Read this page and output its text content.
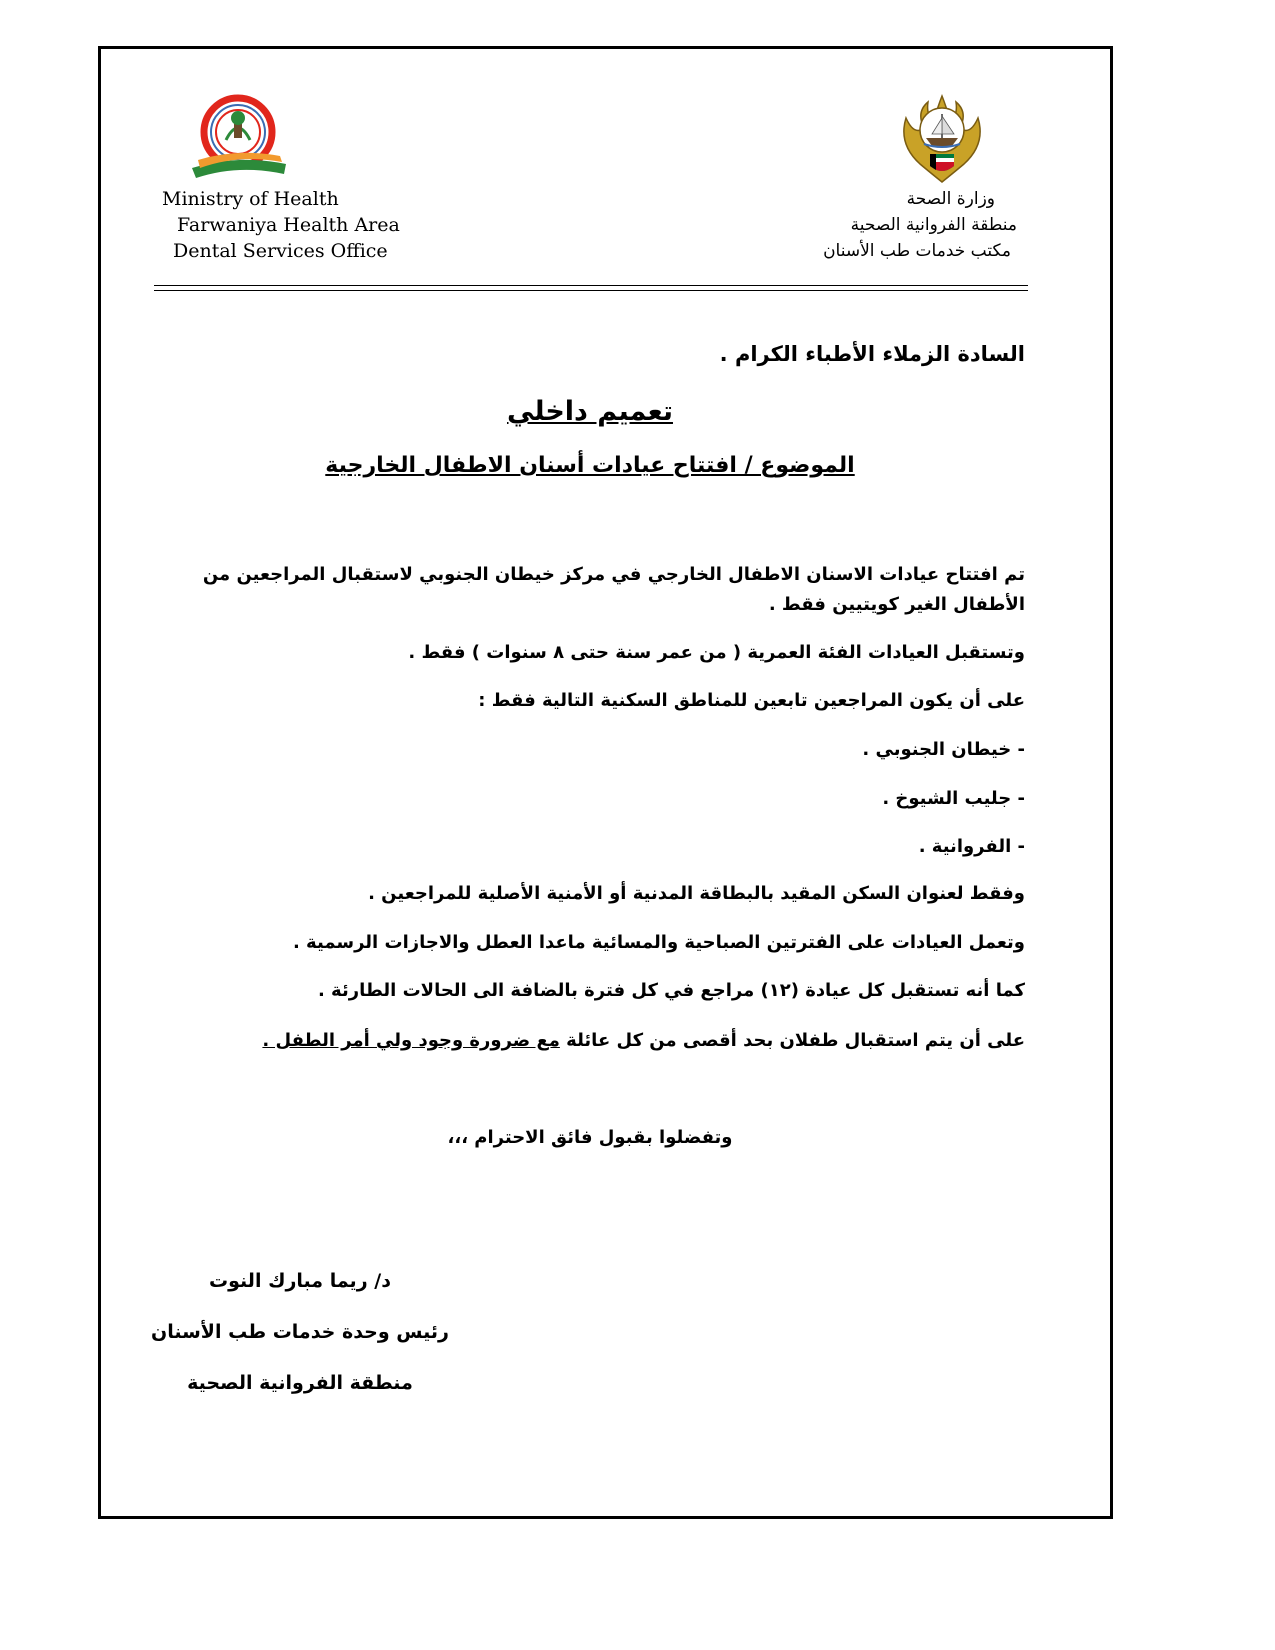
Ministry of Health
Farwaniya Health Area
Dental Services Office
وزارة الصحة
منطقة الفروانية الصحية
مكتب خدمات طب الأسنان
السادة الزملاء الأطباء الكرام .
تعميم داخلي
الموضوع / افتتاح عيادات أسنان الاطفال الخارجية
تم افتتاح عيادات الاسنان الاطفال الخارجي في مركز خيطان الجنوبي لاستقبال المراجعين من الأطفال الغير كويتيين فقط .
وتستقبل العيادات الفئة العمرية ( من عمر سنة حتى ٨ سنوات ) فقط .
على أن يكون المراجعين تابعين للمناطق السكنية التالية فقط :
- خيطان الجنوبي .
- جليب الشيوخ .
- الفروانية .
وفقط لعنوان السكن المقيد بالبطاقة المدنية أو الأمنية الأصلية للمراجعين .
وتعمل العيادات على الفترتين الصباحية والمسائية ماعدا العطل والاجازات الرسمية .
كما أنه تستقبل كل عيادة (١٢) مراجع في كل فترة بالضافة الى الحالات الطارئة .
على أن يتم استقبال طفلان بحد أقصى من كل عائلة مع ضرورة وجود ولي أمر الطفل .
وتفضلوا بقبول فائق الاحترام ،،،
د/ ريما مبارك النوت
رئيس وحدة خدمات طب الأسنان
منطقة الفروانية الصحية
